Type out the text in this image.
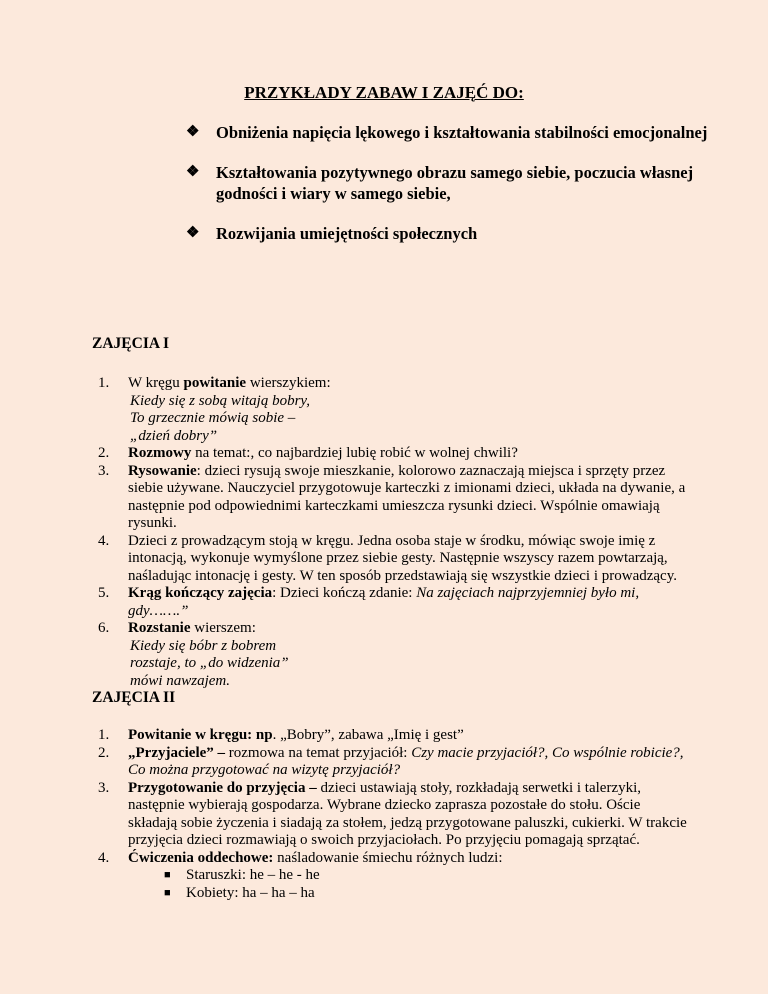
PRZYKŁADY ZABAW I ZAJĘĆ DO:
❖ Obniżenia napięcia lękowego i kształtowania stabilności emocjonalnej
❖ Kształtowania pozytywnego obrazu samego siebie, poczucia własnej godności i wiary w samego siebie,
❖ Rozwijania umiejętności społecznych
ZAJĘCIA I
1. W kręgu powitanie wierszykiem:
Kiedy się z sobą witają bobry,
To grzecznie mówią sobie –
„dzień dobry”
2. Rozmowy na temat:, co najbardziej lubię robić w wolnej chwili?
3. Rysowanie: dzieci rysują swoje mieszkanie, kolorowo zaznaczają miejsca i sprzęty przez siebie używane. Nauczyciel przygotowuje karteczki z imionami dzieci, układa na dywanie, a następnie pod odpowiednimi karteczkami umieszcza rysunki dzieci. Wspólnie omawiają rysunki.
4. Dzieci z prowadzącym stoją w kręgu. Jedna osoba staje w środku, mówiąc swoje imię z intonacją, wykonuje wymyślone przez siebie gesty. Następnie wszyscy razem powtarzają, naśladując intonację i gesty. W ten sposób przedstawiają się wszystkie dzieci i prowadzący.
5. Krąg kończący zajęcia: Dzieci kończą zdanie: Na zajęciach najprzyjemniej było mi, gdy…….”
6. Rozstanie wierszem:
Kiedy się bóbr z bobrem
rozstaje, to „do widzenia”
mówi nawzajem.
ZAJĘCIA II
1. Powitanie w kręgu: np. „Bobry”, zabawa „Imię i gest”
2. „Przyjaciele” – rozmowa na temat przyjaciół: Czy macie przyjaciół?, Co wspólnie robicie?, Co można przygotować na wizytę przyjaciół?
3. Przygotowanie do przyjęcia – dzieci ustawiają stoły, rozkładają serwetki i talerzyki, następnie wybierają gospodarza. Wybrane dziecko zaprasza pozostałe do stołu. Oście składają sobie życzenia i siadają za stołem, jedzą przygotowane paluszki, cukierki. W trakcie przyjęcia dzieci rozmawiają o swoich przyjaciołach. Po przyjęciu pomagają sprzątać.
4. Ćwiczenia oddechowe: naśladowanie śmiechu różnych ludzi:
■ Staruszki: he – he - he
■ Kobiety: ha – ha – ha
